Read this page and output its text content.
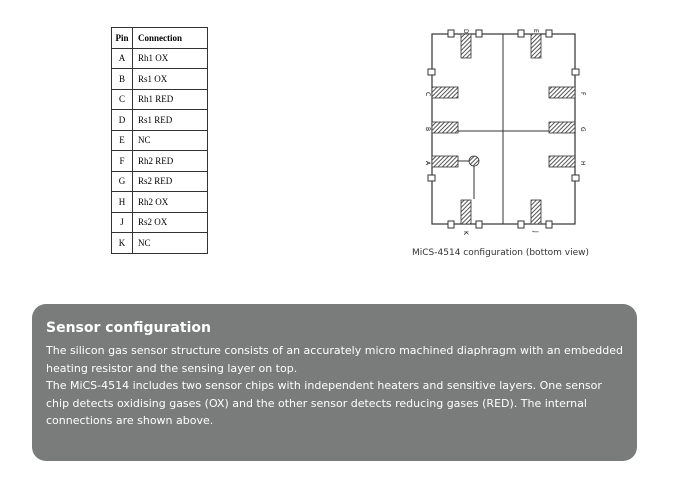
Pin	Connection
A	Rh1 OX
B	Rs1 OX
C	Rh1 RED
D	Rs1 RED
E	NC
F	Rh2 RED
G	Rs2 RED
H	Rh2 OX
J	Rs2 OX
K	NC
E
C
B
A
F
G
H
K	J
D
MiCS-4514 configuration (bottom view)
Sensor configuration

The silicon gas sensor structure consists of an accurately micro machined diaphragm with an embedded heating resistor and the sensing layer on top.

The MiCS-4514 includes two sensor chips with independent heaters and sensitive layers. One sensor chip detects oxidising gases (OX) and the other sensor detects reducing gases (RED). The internal connections are shown above.
